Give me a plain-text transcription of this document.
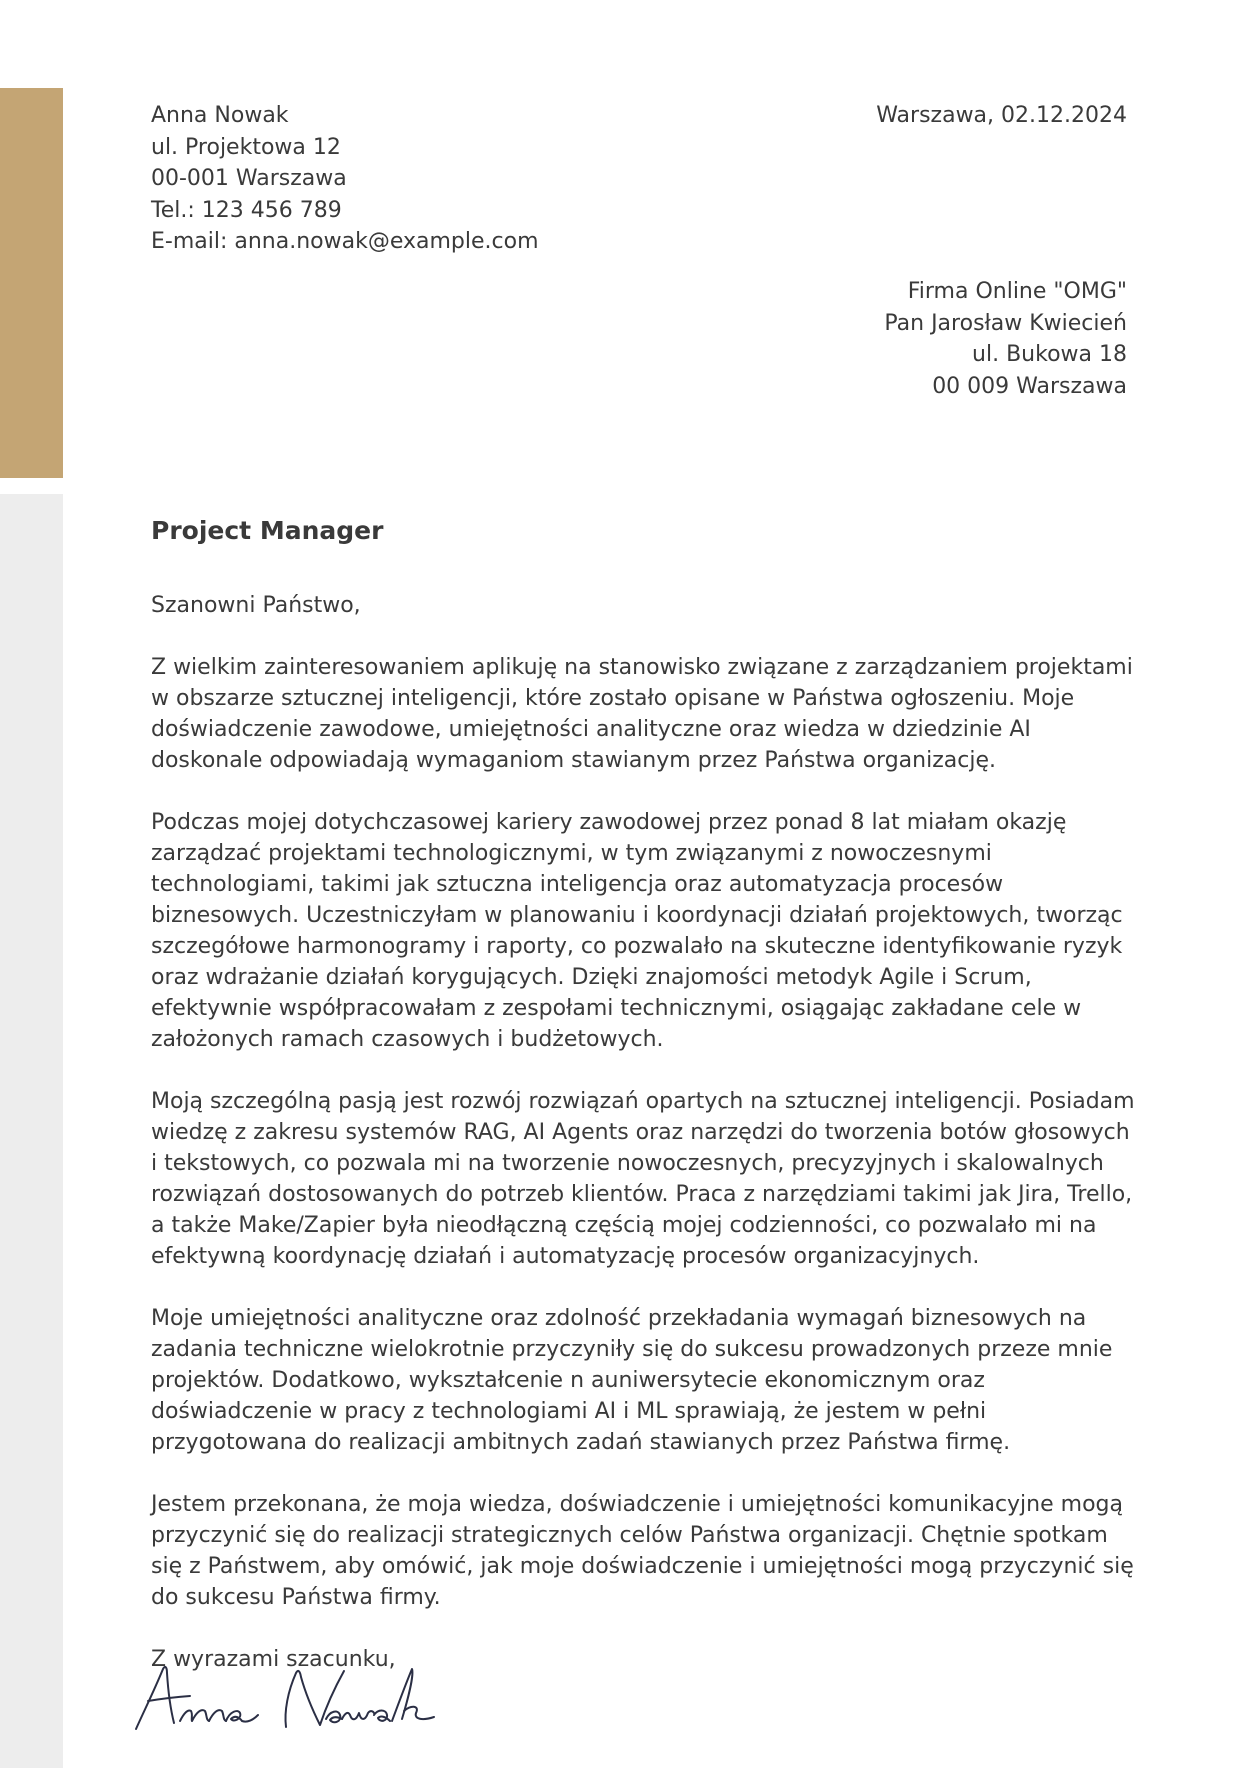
Anna Nowak
ul. Projektowa 12
00-001 Warszawa
Tel.: 123 456 789
E-mail: anna.nowak@example.com
Warszawa, 02.12.2024
Firma Online "OMG"
Pan Jarosław Kwiecień
ul. Bukowa 18
00 009 Warszawa
Project Manager

Szanowni Państwo,

Z wielkim zainteresowaniem aplikuję na stanowisko związane z zarządzaniem projektami w obszarze sztucznej inteligencji, które zostało opisane w Państwa ogłoszeniu. Moje doświadczenie zawodowe, umiejętności analityczne oraz wiedza w dziedzinie AI doskonale odpowiadają wymaganiom stawianym przez Państwa organizację.

Podczas mojej dotychczasowej kariery zawodowej przez ponad 8 lat miałam okazję zarządzać projektami technologicznymi, w tym związanymi z nowoczesnymi technologiami, takimi jak sztuczna inteligencja oraz automatyzacja procesów biznesowych. Uczestniczyłam w planowaniu i koordynacji działań projektowych, tworząc szczegółowe harmonogramy i raporty, co pozwalało na skuteczne identyfikowanie ryzyk oraz wdrażanie działań korygujących. Dzięki znajomości metodyk Agile i Scrum, efektywnie współpracowałam z zespołami technicznymi, osiągając zakładane cele w założonych ramach czasowych i budżetowych.

Moją szczególną pasją jest rozwój rozwiązań opartych na sztucznej inteligencji. Posiadam wiedzę z zakresu systemów RAG, AI Agents oraz narzędzi do tworzenia botów głosowych i tekstowych, co pozwala mi na tworzenie nowoczesnych, precyzyjnych i skalowalnych rozwiązań dostosowanych do potrzeb klientów. Praca z narzędziami takimi jak Jira, Trello, a także Make/Zapier była nieodłączną częścią mojej codzienności, co pozwalało mi na efektywną koordynację działań i automatyzację procesów organizacyjnych.

Moje umiejętności analityczne oraz zdolność przekładania wymagań biznesowych na zadania techniczne wielokrotnie przyczyniły się do sukcesu prowadzonych przeze mnie projektów. Dodatkowo, wykształcenie n auniwersytecie ekonomicznym oraz doświadczenie w pracy z technologiami AI i ML sprawiają, że jestem w pełni przygotowana do realizacji ambitnych zadań stawianych przez Państwa firmę.

Jestem przekonana, że moja wiedza, doświadczenie i umiejętności komunikacyjne mogą przyczynić się do realizacji strategicznych celów Państwa organizacji. Chętnie spotkam się z Państwem, aby omówić, jak moje doświadczenie i umiejętności mogą przyczynić się do sukcesu Państwa firmy.

Z wyrazami szacunku,
